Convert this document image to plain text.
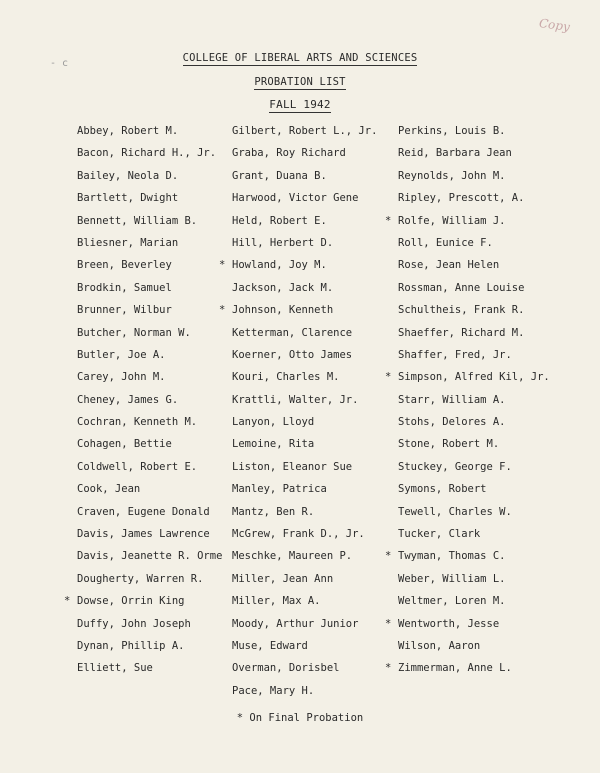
Copy
- c	COLLEGE OF LIBERAL ARTS AND SCIENCES
PROBATION LIST
FALL 1942
Abbey, Robert M.
Bacon, Richard H., Jr.
Bailey, Neola D.
Bartlett, Dwight
Bennett, William B.
Bliesner, Marian
Breen, Beverley
Brodkin, Samuel
Brunner, Wilbur
Butcher, Norman W.
Butler, Joe A.
Carey, John M.
Cheney, James G.
Cochran, Kenneth M.
Cohagen, Bettie
Coldwell, Robert E.
Cook, Jean
Craven, Eugene Donald
Davis, James Lawrence
Davis, Jeanette R. Orme
Dougherty, Warren R.
* Dowse, Orrin King
Duffy, John Joseph
Dynan, Phillip A.
Elliett, Sue
Gilbert, Robert L., Jr.
Graba, Roy Richard
Grant, Duana B.
Harwood, Victor Gene
Held, Robert E.
Hill, Herbert D.
* Howland, Joy M.
Jackson, Jack M.
* Johnson, Kenneth
Ketterman, Clarence
Koerner, Otto James
Kouri, Charles M.
Krattli, Walter, Jr.
Lanyon, Lloyd
Lemoine, Rita
Liston, Eleanor Sue
Manley, Patrica
Mantz, Ben R.
McGrew, Frank D., Jr.
Meschke, Maureen P.
Miller, Jean Ann
Miller, Max A.
Moody, Arthur Junior
Muse, Edward
Overman, Dorisbel
Pace, Mary H.
Perkins, Louis B.
Reid, Barbara Jean
Reynolds, John M.
Ripley, Prescott, A.
* Rolfe, William J.
Roll, Eunice F.
Rose, Jean Helen
Rossman, Anne Louise
Schultheis, Frank R.
Shaeffer, Richard M.
Shaffer, Fred, Jr.
* Simpson, Alfred Kil, Jr.
Starr, William A.
Stohs, Delores A.
Stone, Robert M.
Stuckey, George F.
Symons, Robert
Tewell, Charles W.
Tucker, Clark
* Twyman, Thomas C.
Weber, William L.
Weltmer, Loren M.
* Wentworth, Jesse
Wilson, Aaron
* Zimmerman, Anne L.
* On Final Probation
